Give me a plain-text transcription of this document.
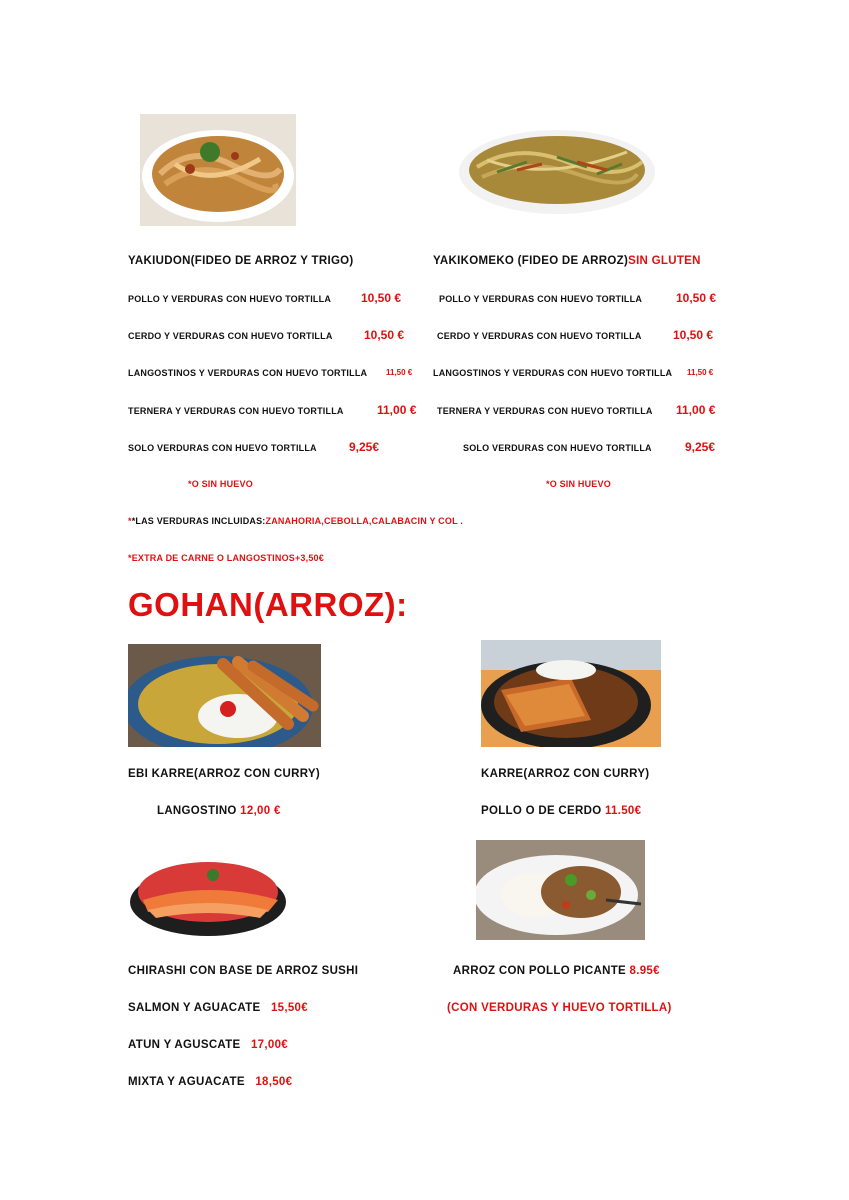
YAKIUDON(FIDEO DE ARROZ Y TRIGO)	YAKIKOMEKO (FIDEO DE ARROZ)SIN GLUTEN
POLLO Y VERDURAS CON HUEVO TORTILLA 10,50 €
CERDO Y VERDURAS CON HUEVO TORTILLA	10,50 €
LANGOSTINOS Y VERDURAS CON HUEVO TORTILLA 11,50 €
TERNERA Y VERDURAS CON HUEVO TORTILLA	11,00 €
SOLO VERDURAS CON HUEVO TORTILLA	9,25€
POLLO Y VERDURAS CON HUEVO TORTILLA	10,50 €
CERDO Y VERDURAS CON HUEVO TORTILLA	10,50 €
LANGOSTINOS Y VERDURAS CON HUEVO TORTILLA 11,50 €
TERNERA Y VERDURAS CON HUEVO TORTILLA 11,00 €
SOLO VERDURAS CON HUEVO TORTILLA	9,25€
*O SIN HUEVO	*O SIN HUEVO
**LAS VERDURAS INCLUIDAS:ZANAHORIA,CEBOLLA,CALABACIN Y COL .
*EXTRA DE CARNE O LANGOSTINOS+3,50€
GOHAN(ARROZ):
EBI KARRE(ARROZ CON CURRY)
LANGOSTINO 12,00 €
KARRE(ARROZ CON CURRY)
POLLO O DE CERDO 11.50€
CHIRASHI CON BASE DE ARROZ SUSHI
SALMON Y AGUACATE 15,50€
ATUN Y AGUSCATE 17,00€
MIXTA Y AGUACATE 18,50€
ARROZ CON POLLO PICANTE 8.95€
(CON VERDURAS Y HUEVO TORTILLA)
